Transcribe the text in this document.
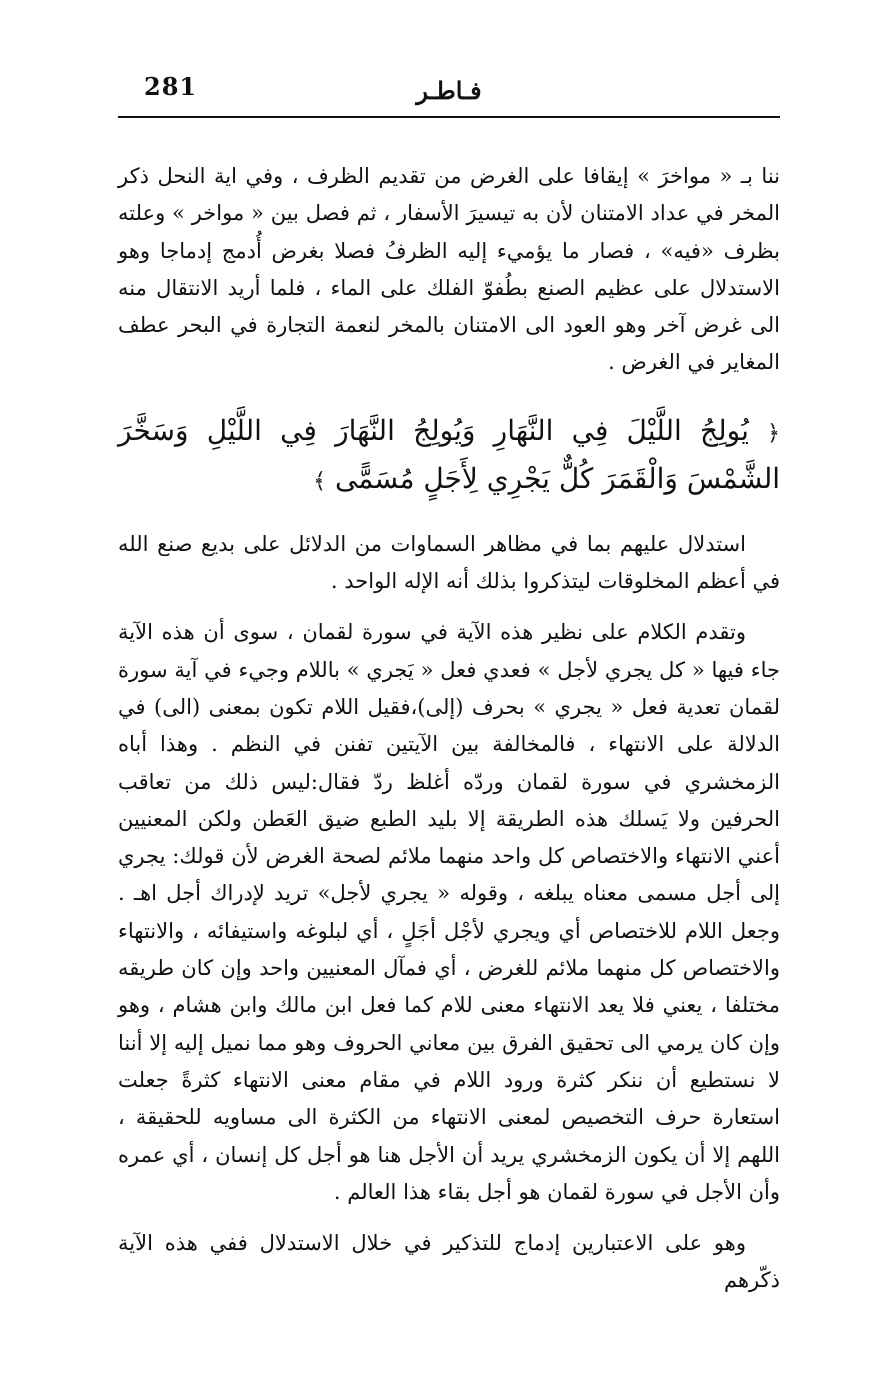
281	فـاطـر

ننا بـ « مواخرَ » إيقافا على الغرض من تقديم الظرف ، وفي اية النحل ذكر المخر في عداد الامتنان لأن به تيسيرَ الأسفار ، ثم فصل بين « مواخر » وعلته بظرف «فيه» ، فصار ما يؤميء إليه الظرفُ فصلا بغرض أُدمج إدماجا وهو الاستدلال على عظيم الصنع بطُفوّ الفلك على الماء ، فلما أريد الانتقال منه الى غرض آخر وهو العود الى الامتنان بالمخر لنعمة التجارة في البحر عطف المغاير في الغرض .

﴿ يُولِجُ اللَّيْلَ فِي النَّهَارِ وَيُولِجُ النَّهَارَ فِي اللَّيْلِ وَسَخَّرَ الشَّمْسَ وَالْقَمَرَ كُلٌّ يَجْرِي لِأَجَلٍ مُسَمًّى ﴾

استدلال عليهم بما في مظاهر السماوات من الدلائل على بديع صنع الله في أعظم المخلوقات ليتذكروا بذلك أنه الإله الواحد .

وتقدم الكلام على نظير هذه الآية في سورة لقمان ، سوى أن هذه الآية جاء فيها « كل يجري لأجل » فعدي فعل « يَجري » باللام وجيء في آية سورة لقمان تعدية فعل « يجري » بحرف (إلى)،فقيل اللام تكون بمعنى (الى) في الدلالة على الانتهاء ، فالمخالفة بين الآيتين تفنن في النظم . وهذا أباه الزمخشري في سورة لقمان وردّه أغلظ ردّ فقال:ليس ذلك من تعاقب الحرفين ولا يَسلك هذه الطريقة إلا بليد الطبع ضيق العَطن ولكن المعنيين أعني الانتهاء والاختصاص كل واحد منهما ملائم لصحة الغرض لأن قولك: يجري إلى أجل مسمى معناه يبلغه ، وقوله « يجري لأجل» تريد لإدراك أجل اهـ . وجعل اللام للاختصاص أي ويجري لأجْل أجَلٍ ، أي لبلوغه واستيفائه ، والانتهاء والاختصاص كل منهما ملائم للغرض ، أي فمآل المعنيين واحد وإن كان طريقه مختلفا ، يعني فلا يعد الانتهاء معنى للام كما فعل ابن مالك وابن هشام ، وهو وإن كان يرمي الى تحقيق الفرق بين معاني الحروف وهو مما نميل إليه إلا أننا لا نستطيع أن ننكر كثرة ورود اللام في مقام معنى الانتهاء كثرةً جعلت استعارة حرف التخصيص لمعنى الانتهاء من الكثرة الى مساويه للحقيقة ، اللهم إلا أن يكون الزمخشري يريد أن الأجل هنا هو أجل كل إنسان ، أي عمره وأن الأجل في سورة لقمان هو أجل بقاء هذا العالم .

وهو على الاعتبارين إدماج للتذكير في خلال الاستدلال ففي هذه الآية ذكّرهم
